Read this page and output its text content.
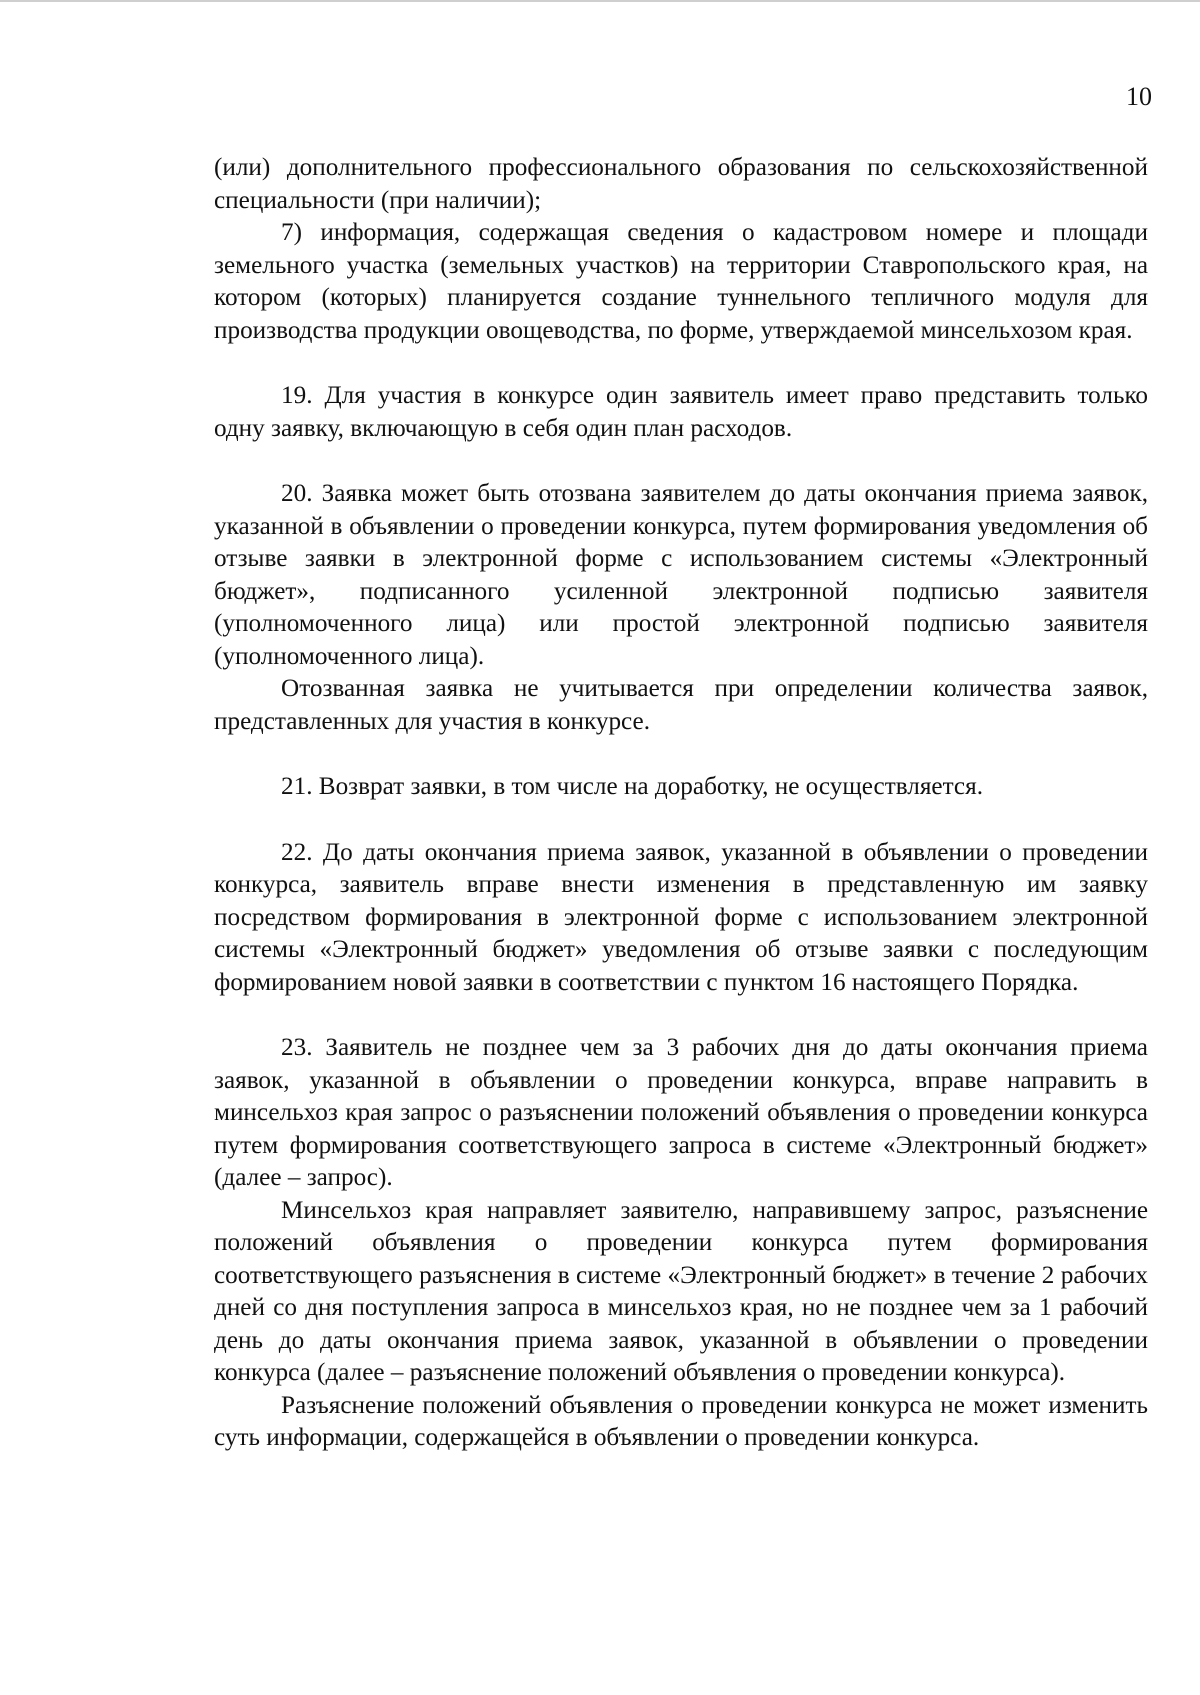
10

(или) дополнительного профессионального образования по сельскохозяйственной специальности (при наличии);

7) информация, содержащая сведения о кадастровом номере и площади земельного участка (земельных участков) на территории Ставропольского края, на котором (которых) планируется создание туннельного тепличного модуля для производства продукции овощеводства, по форме, утверждаемой минсельхозом края.

19. Для участия в конкурсе один заявитель имеет право представить только одну заявку, включающую в себя один план расходов.

20. Заявка может быть отозвана заявителем до даты окончания приема заявок, указанной в объявлении о проведении конкурса, путем формирования уведомления об отзыве заявки в электронной форме с использованием системы «Электронный бюджет», подписанного усиленной электронной подписью заявителя (уполномоченного лица) или простой электронной подписью заявителя (уполномоченного лица).

Отозванная заявка не учитывается при определении количества заявок, представленных для участия в конкурсе.

21. Возврат заявки, в том числе на доработку, не осуществляется.

22. До даты окончания приема заявок, указанной в объявлении о проведении конкурса, заявитель вправе внести изменения в представленную им заявку посредством формирования в электронной форме с использованием электронной системы «Электронный бюджет» уведомления об отзыве заявки с последующим формированием новой заявки в соответствии с пунктом 16 настоящего Порядка.

23. Заявитель не позднее чем за 3 рабочих дня до даты окончания приема заявок, указанной в объявлении о проведении конкурса, вправе направить в минсельхоз края запрос о разъяснении положений объявления о проведении конкурса путем формирования соответствующего запроса в системе «Электронный бюджет» (далее – запрос).

Минсельхоз края направляет заявителю, направившему запрос, разъяснение положений объявления о проведении конкурса путем формирования соответствующего разъяснения в системе «Электронный бюджет» в течение 2 рабочих дней со дня поступления запроса в минсельхоз края, но не позднее чем за 1 рабочий день до даты окончания приема заявок, указанной в объявлении о проведении конкурса (далее – разъяснение положений объявления о проведении конкурса).

Разъяснение положений объявления о проведении конкурса не может изменить суть информации, содержащейся в объявлении о проведении конкурса.
